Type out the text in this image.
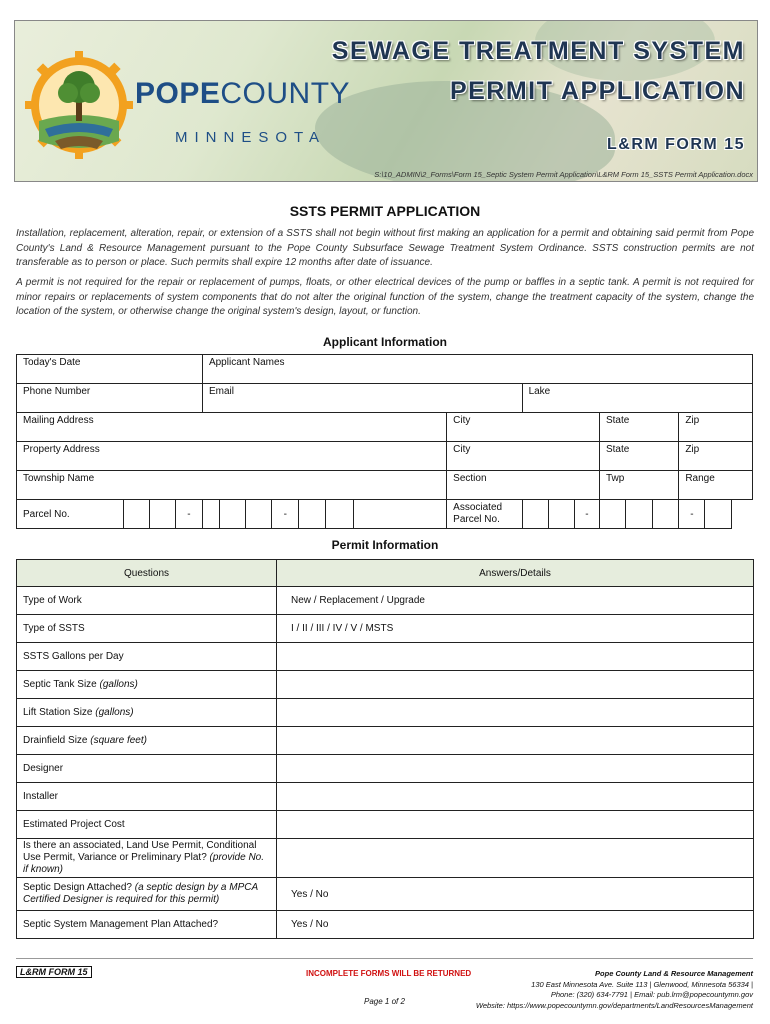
POPECOUNTY
MINNESOTA
SEWAGE TREATMENT SYSTEM
PERMIT APPLICATION
L&RM FORM 15
S:\10_ADMIN\2_Forms\Form 15_Septic System Permit Application\L&RM Form 15_SSTS Permit Application.docx
SSTS PERMIT APPLICATION

Installation, replacement, alteration, repair, or extension of a SSTS shall not begin without first making an application for a permit and obtaining said permit from Pope County's Land & Resource Management pursuant to the Pope County Subsurface Sewage Treatment System Ordinance. SSTS construction permits are not transferable as to person or place. Such permits shall expire 12 months after date of issuance.

A permit is not required for the repair or replacement of pumps, floats, or other electrical devices of the pump or baffles in a septic tank. A permit is not required for minor repairs or replacements of system components that do not alter the original function of the system, change the treatment capacity of the system, change the location of the system, or otherwise change the original system's design, layout, or function.

Applicant Information
Today's Date				Applicant Names															
Phone Number				Email								Lake							
Mailing Address											City				State			Zip	
Property Address											City				State			Zip	
Township Name											Section				Twp			Range	
Parcel No.			-				-				Associated Parcel No.			-				-	
Permit Information
Questions	Answers/Details
Type of Work	New / Replacement / Upgrade
Type of SSTS	I / II / III / IV / V / MSTS
SSTS Gallons per Day	
Septic Tank Size (gallons)	
Lift Station Size (gallons)	
Drainfield Size (square feet)	
Designer	
Installer	
Estimated Project Cost	
Is there an associated, Land Use Permit, Conditional Use Permit, Variance or Preliminary Plat? (provide No. if known)	
Septic Design Attached? (a septic design by a MPCA Certified Designer is required for this permit)	Yes / No
Septic System Management Plan Attached?	Yes / No
L&RM FORM 15	INCOMPLETE FORMS WILL BE RETURNED
Page 1 of 2
Pope County Land & Resource Management
130 East Minnesota Ave. Suite 113 | Glenwood, Minnesota 56334 |
Phone: (320) 634-7791 | Email: pub.lrm@popecountymn.gov
Website: https://www.popecountymn.gov/departments/LandResourcesManagement
